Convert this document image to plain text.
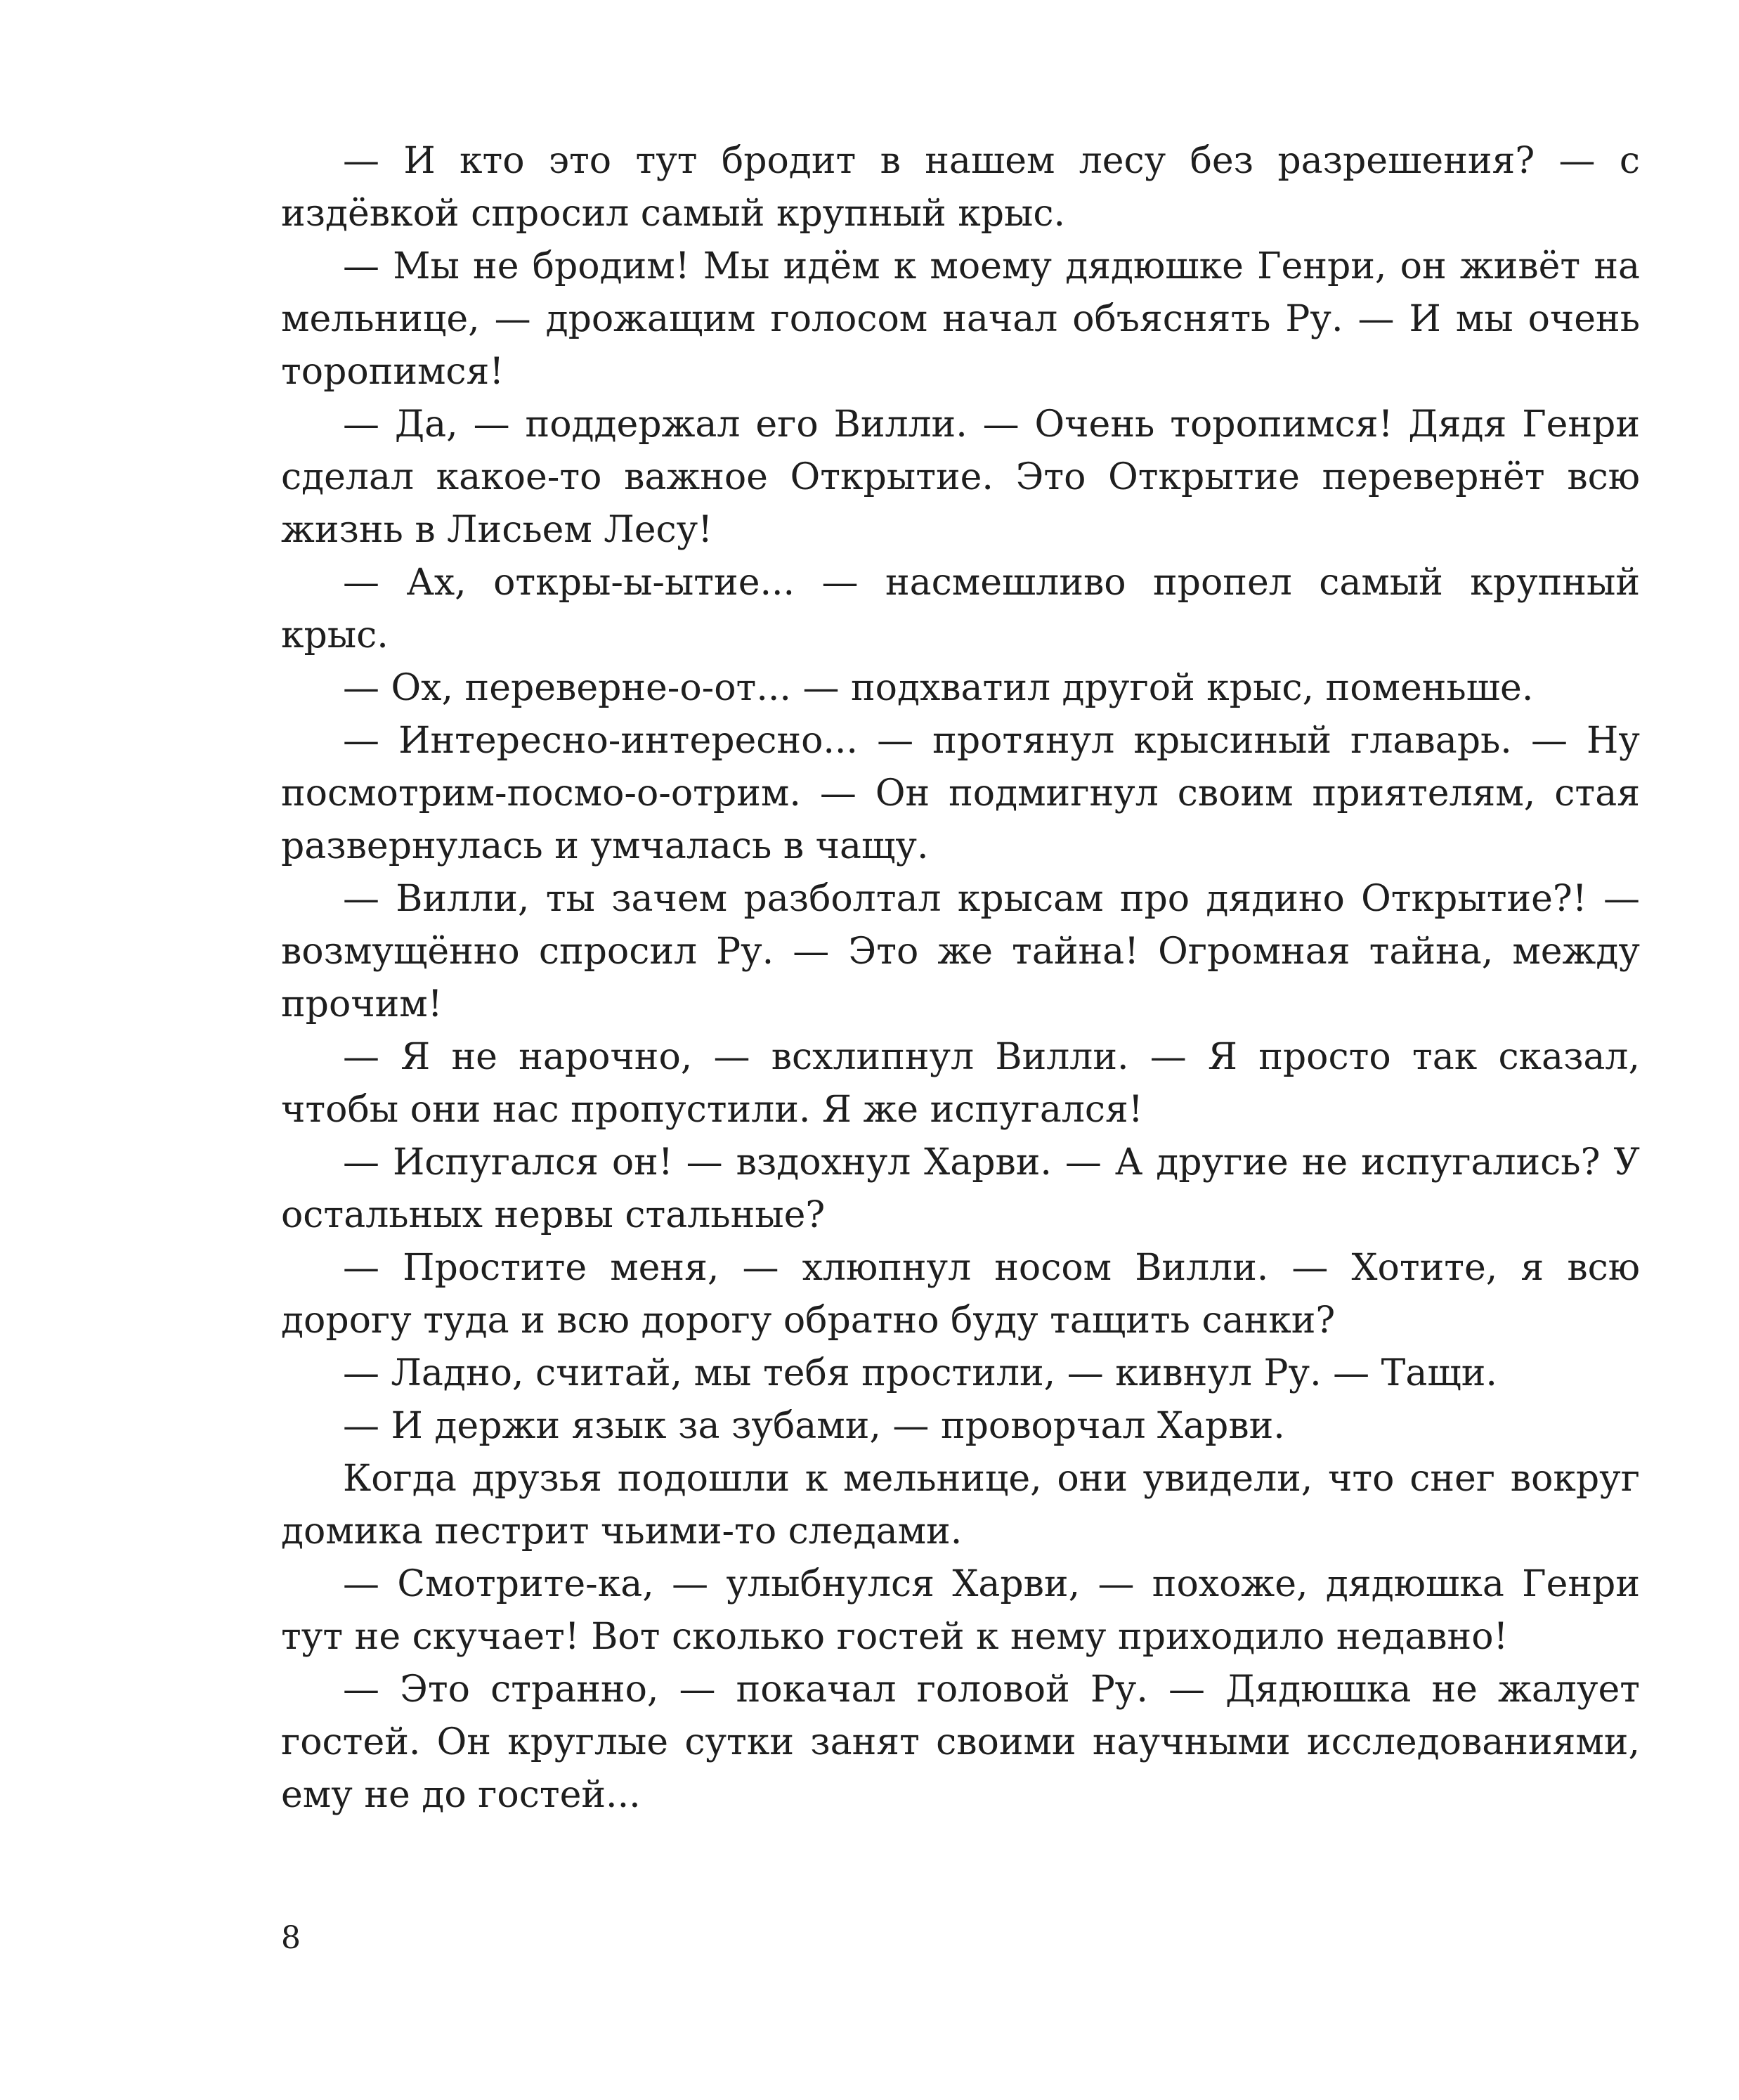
— И кто это тут бродит в нашем лесу без разрешения? — с издёвкой спросил самый крупный крыс.

— Мы не бродим! Мы идём к моему дядюшке Генри, он живёт на мельнице, — дрожащим голосом начал объяснять Ру. — И мы очень торопимся!

— Да, — поддержал его Вилли. — Очень торопимся! Дядя Генри сделал какое-то важное Открытие. Это Открытие перевернёт всю жизнь в Лисьем Лесу!

— Ах, откры-ы-ытие... — насмешливо пропел самый крупный крыс.

— Ох, переверне-о-от... — подхватил другой крыс, поменьше.

— Интересно-интересно... — протянул крысиный главарь. — Ну посмотрим-посмо-о-отрим. — Он подмигнул своим приятелям, стая развернулась и умчалась в чащу.

— Вилли, ты зачем разболтал крысам про дядино Открытие?! — возмущённо спросил Ру. — Это же тайна! Огромная тайна, между прочим!

— Я не нарочно, — всхлипнул Вилли. — Я просто так сказал, чтобы они нас пропустили. Я же испугался!

— Испугался он! — вздохнул Харви. — А другие не испугались? У остальных нервы стальные?

— Простите меня, — хлюпнул носом Вилли. — Хотите, я всю дорогу туда и всю дорогу обратно буду тащить санки?

— Ладно, считай, мы тебя простили, — кивнул Ру. — Тащи.

— И держи язык за зубами, — проворчал Харви.

Когда друзья подошли к мельнице, они увидели, что снег вокруг домика пестрит чьими-то следами.

— Смотрите-ка, — улыбнулся Харви, — похоже, дядюшка Генри тут не скучает! Вот сколько гостей к нему приходило недавно!

— Это странно, — покачал головой Ру. — Дядюшка не жалует гостей. Он круглые сутки занят своими научными исследованиями, ему не до гостей...

8
